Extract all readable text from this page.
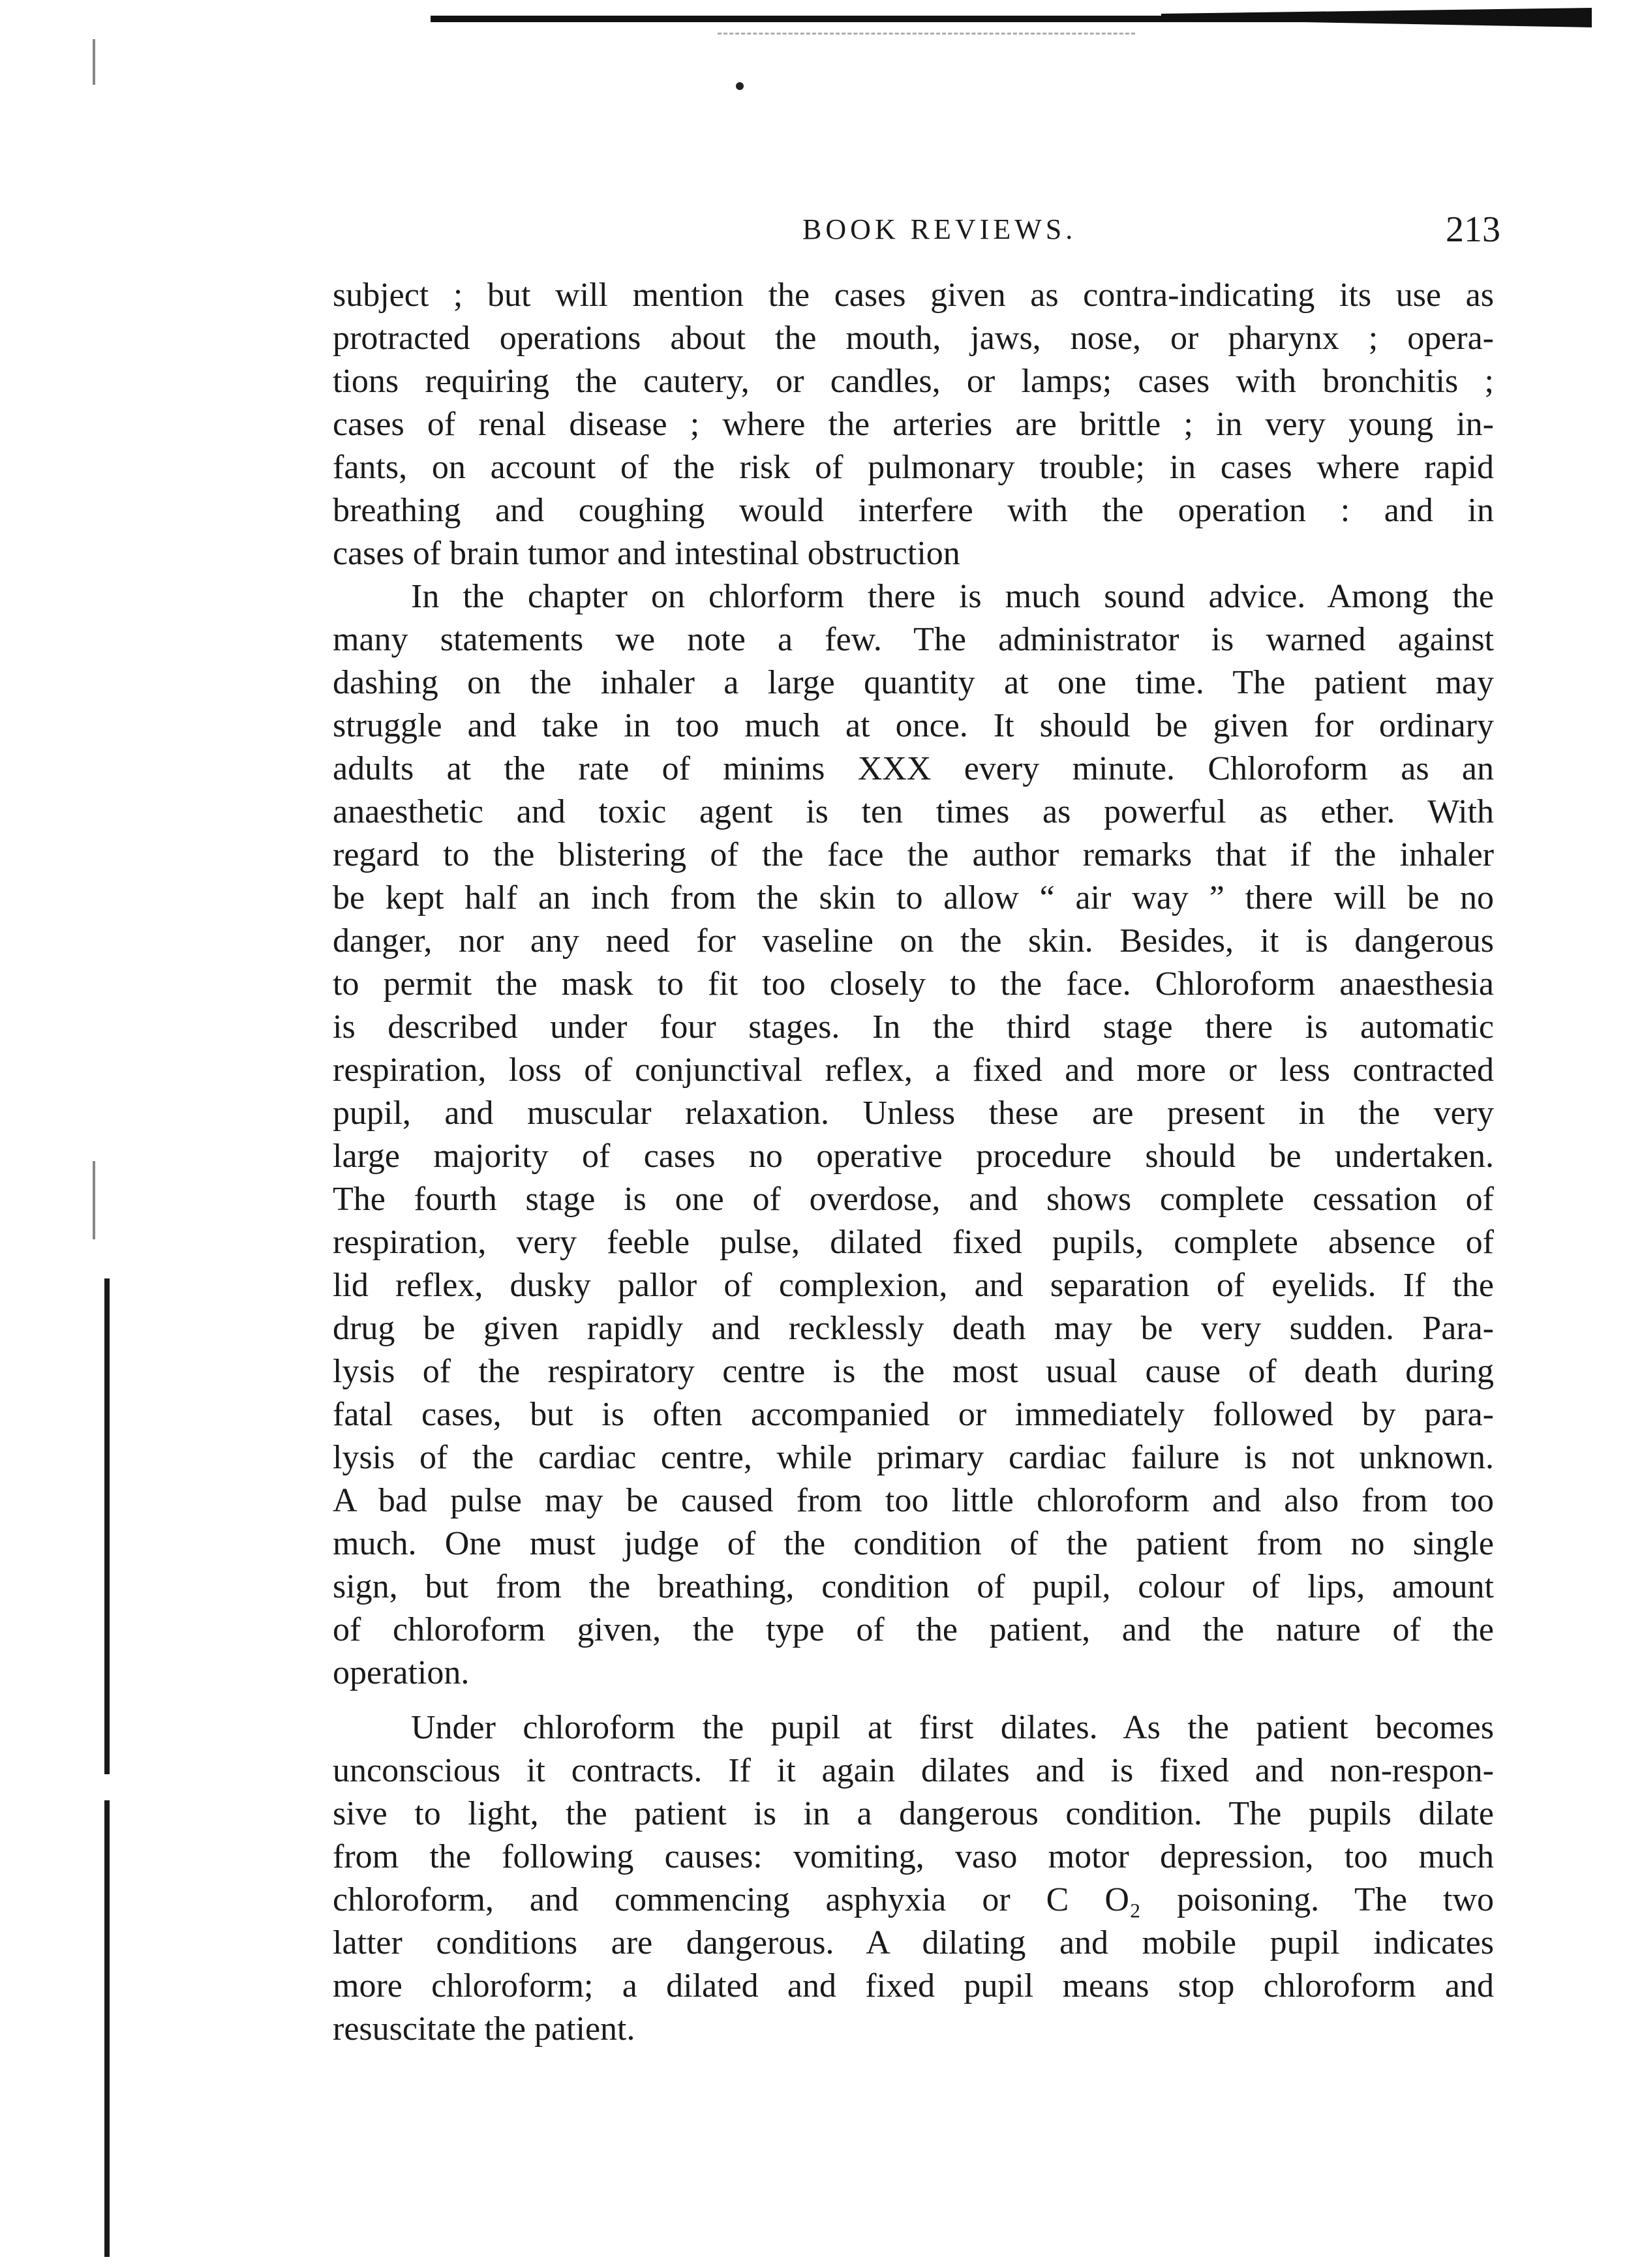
BOOK REVIEWS.	213
subject ; but will mention the cases given as contra-indicating its use as
protracted operations about the mouth, jaws, nose, or pharynx ; opera-
tions requiring the cautery, or candles, or lamps; cases with bronchitis ;
cases of renal disease ; where the arteries are brittle ; in very young in-
fants, on account of the risk of pulmonary trouble; in cases where rapid
breathing and coughing would interfere with the operation : and in
cases of brain tumor and intestinal obstruction
In the chapter on chlorform there is much sound advice. Among the
many statements we note a few. The administrator is warned against
dashing on the inhaler a large quantity at one time. The patient may
struggle and take in too much at once. It should be given for ordinary
adults at the rate of minims XXX every minute. Chloroform as an
anaesthetic and toxic agent is ten times as powerful as ether. With
regard to the blistering of the face the author remarks that if the inhaler
be kept half an inch from the skin to allow “ air way ” there will be no
danger, nor any need for vaseline on the skin. Besides, it is dangerous
to permit the mask to fit too closely to the face. Chloroform anaesthesia
is described under four stages. In the third stage there is automatic
respiration, loss of conjunctival reflex, a fixed and more or less contracted
pupil, and muscular relaxation. Unless these are present in the very
large majority of cases no operative procedure should be undertaken.
The fourth stage is one of overdose, and shows complete cessation of
respiration, very feeble pulse, dilated fixed pupils, complete absence of
lid reflex, dusky pallor of complexion, and separation of eyelids. If the
drug be given rapidly and recklessly death may be very sudden. Para-
lysis of the respiratory centre is the most usual cause of death during
fatal cases, but is often accompanied or immediately followed by para-
lysis of the cardiac centre, while primary cardiac failure is not unknown.
A bad pulse may be caused from too little chloroform and also from too
much. One must judge of the condition of the patient from no single
sign, but from the breathing, condition of pupil, colour of lips, amount
of chloroform given, the type of the patient, and the nature of the
operation.
Under chloroform the pupil at first dilates. As the patient becomes
unconscious it contracts. If it again dilates and is fixed and non-respon-
sive to light, the patient is in a dangerous condition. The pupils dilate
from the following causes: vomiting, vaso motor depression, too much
chloroform, and commencing asphyxia or C O₂ poisoning. The two
latter conditions are dangerous. A dilating and mobile pupil indicates
more chloroform; a dilated and fixed pupil means stop chloroform and
resuscitate the patient.
